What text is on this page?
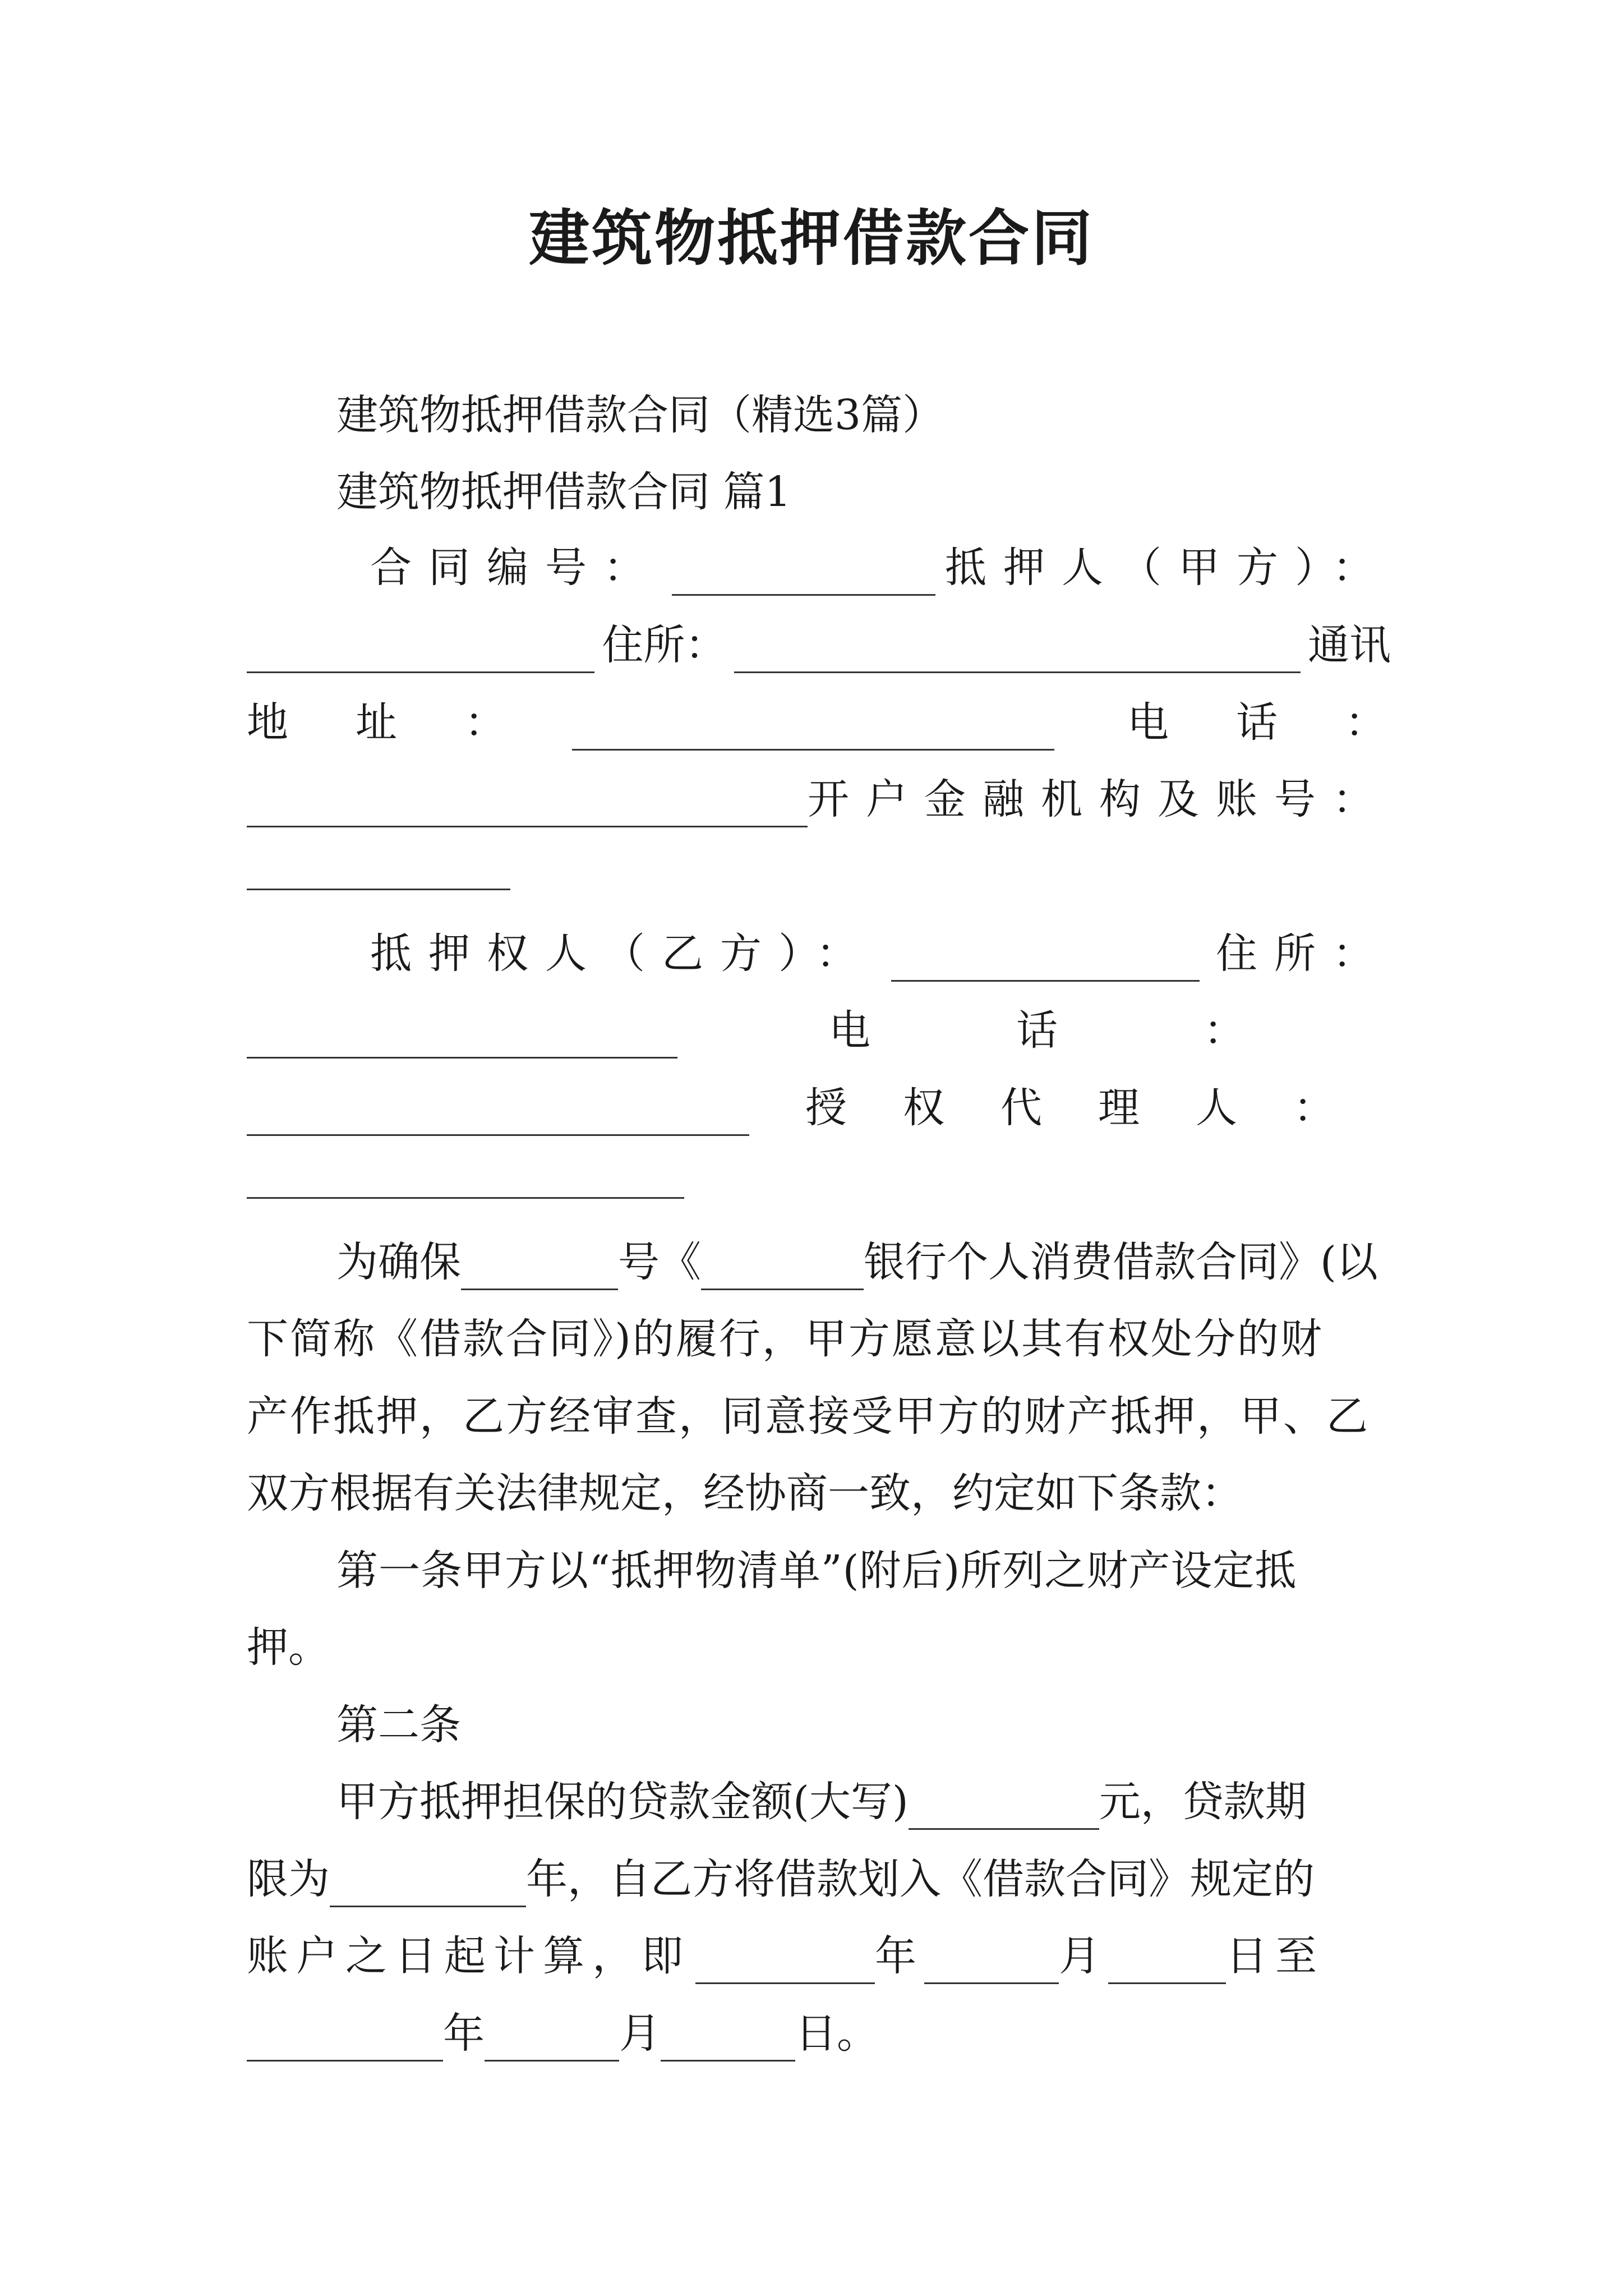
建筑物抵押借款合同
建筑物抵押借款合同（精选3篇）
建筑物抵押借款合同 篇1
合同编号：	抵押人（甲方）：
住所：	通讯
地址：	电话：
开户金融机构及账号：
抵押权人（乙方）：	住所：
电话：
授权代理人：
为确保	号《	银行个人消费借款合同》(以
下简称《借款合同》)的履行，甲方愿意以其有权处分的财
产作抵押，乙方经审查，同意接受甲方的财产抵押，甲、乙
双方根据有关法律规定，经协商一致，约定如下条款：
第一条甲方以“抵押物清单”(附后)所列之财产设定抵
押。
第二条
甲方抵押担保的贷款金额(大写)	元，贷款期
限为	年，自乙方将借款划入《借款合同》规定的
账户之日起计算，即	年	月	日至
年	月	日。
